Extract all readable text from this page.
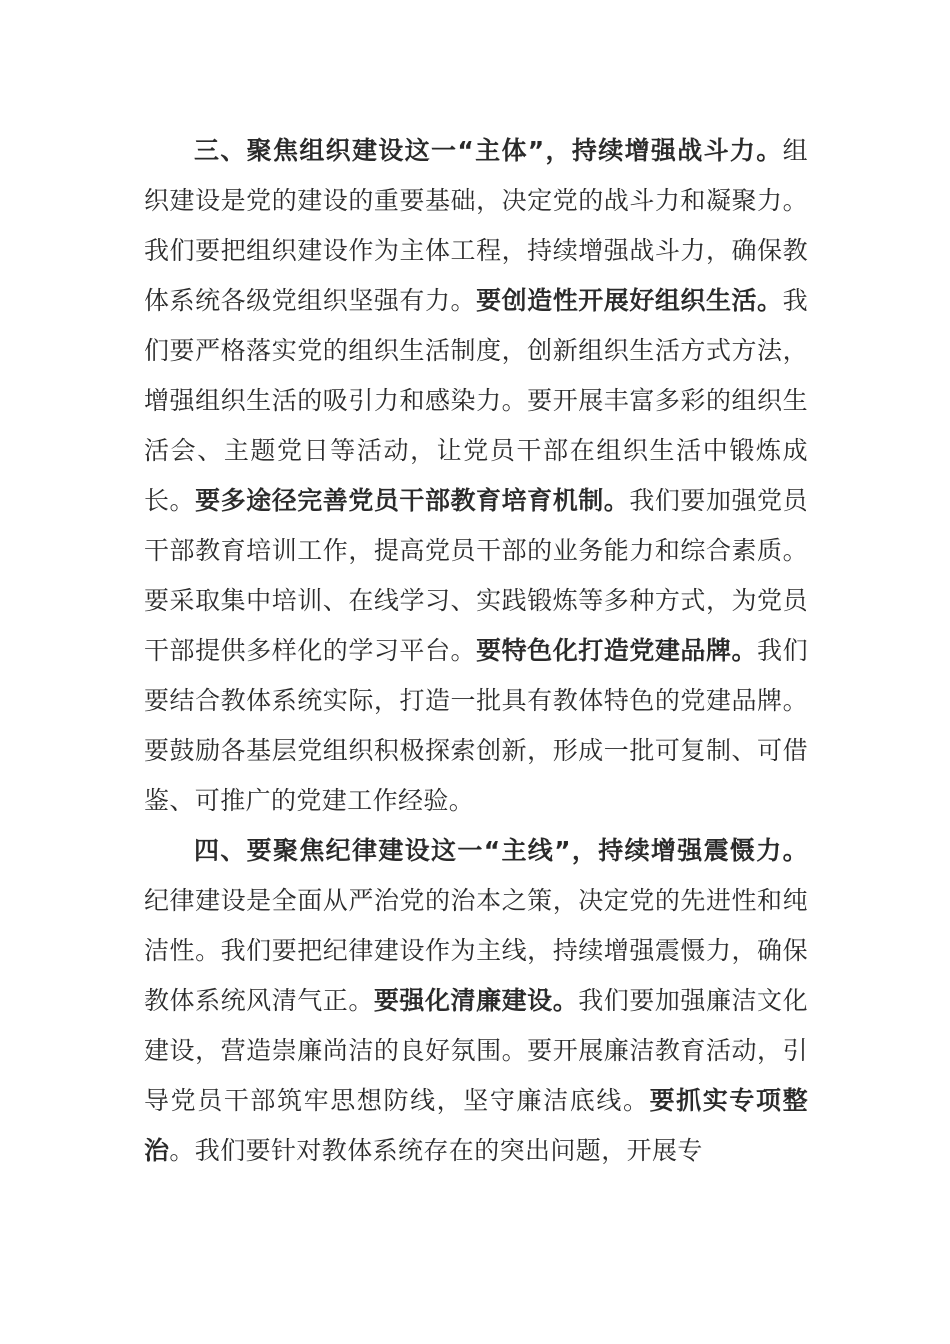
三、聚焦组织建设这一“主体”，持续增强战斗力。组织建设是党的建设的重要基础，决定党的战斗力和凝聚力。我们要把组织建设作为主体工程，持续增强战斗力，确保教体系统各级党组织坚强有力。要创造性开展好组织生活。我们要严格落实党的组织生活制度，创新组织生活方式方法，增强组织生活的吸引力和感染力。要开展丰富多彩的组织生活会、主题党日等活动，让党员干部在组织生活中锻炼成长。要多途径完善党员干部教育培育机制。我们要加强党员干部教育培训工作，提高党员干部的业务能力和综合素质。要采取集中培训、在线学习、实践锻炼等多种方式，为党员干部提供多样化的学习平台。要特色化打造党建品牌。我们要结合教体系统实际，打造一批具有教体特色的党建品牌。要鼓励各基层党组织积极探索创新，形成一批可复制、可借鉴、可推广的党建工作经验。

四、要聚焦纪律建设这一“主线”，持续增强震慑力。纪律建设是全面从严治党的治本之策，决定党的先进性和纯洁性。我们要把纪律建设作为主线，持续增强震慑力，确保教体系统风清气正。要强化清廉建设。我们要加强廉洁文化建设，营造崇廉尚洁的良好氛围。要开展廉洁教育活动，引导党员干部筑牢思想防线，坚守廉洁底线。要抓实专项整治。我们要针对教体系统存在的突出问题，开展专
